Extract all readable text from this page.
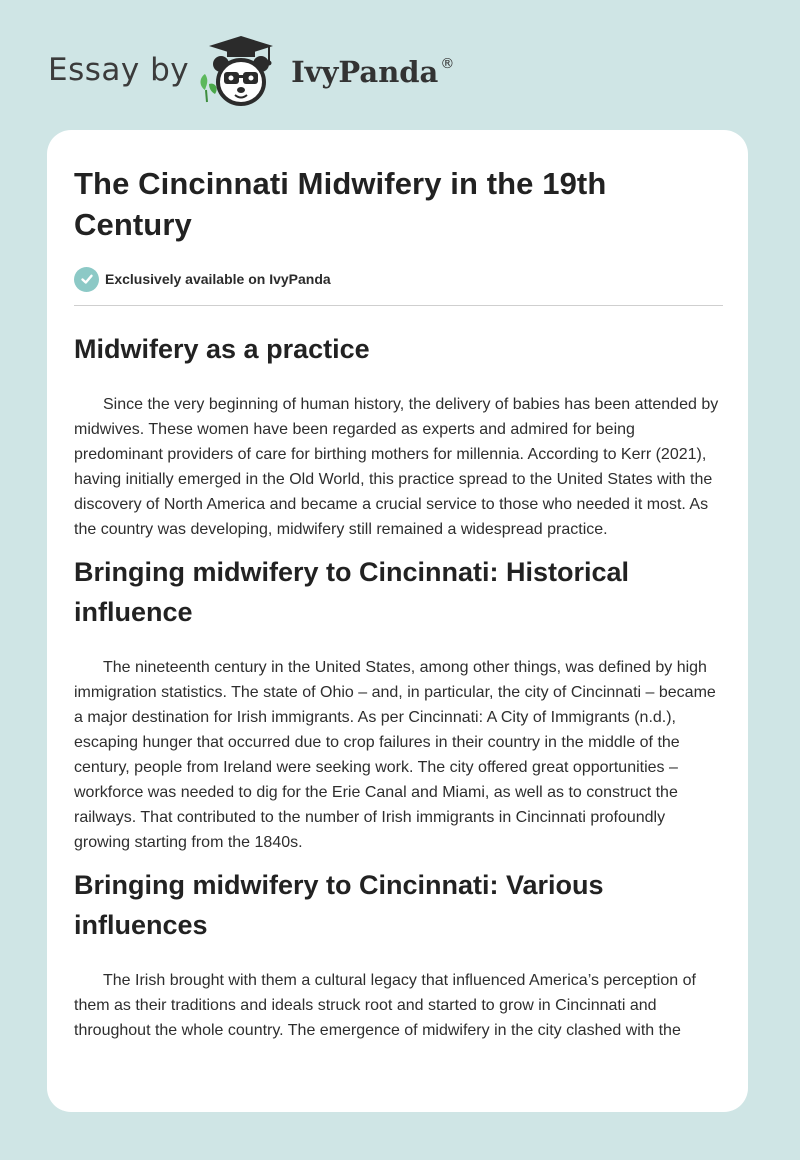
Essay by	IvyPanda ®
The Cincinnati Midwifery in the 19th Century
Exclusively available on IvyPanda
Midwifery as a practice

Since the very beginning of human history, the delivery of babies has been attended by midwives. These women have been regarded as experts and admired for being predominant providers of care for birthing mothers for millennia. According to Kerr (2021), having initially emerged in the Old World, this practice spread to the United States with the discovery of North America and became a crucial service to those who needed it most. As the country was developing, midwifery still remained a widespread practice.

Bringing midwifery to Cincinnati: Historical influence

The nineteenth century in the United States, among other things, was defined by high immigration statistics. The state of Ohio – and, in particular, the city of Cincinnati – became a major destination for Irish immigrants. As per Cincinnati: A City of Immigrants (n.d.), escaping hunger that occurred due to crop failures in their country in the middle of the century, people from Ireland were seeking work. The city offered great opportunities – workforce was needed to dig for the Erie Canal and Miami, as well as to construct the railways. That contributed to the number of Irish immigrants in Cincinnati profoundly growing starting from the 1840s.

Bringing midwifery to Cincinnati: Various influences

The Irish brought with them a cultural legacy that influenced America’s perception of them as their traditions and ideals struck root and started to grow in Cincinnati and throughout the whole country. The emergence of midwifery in the city clashed with the
